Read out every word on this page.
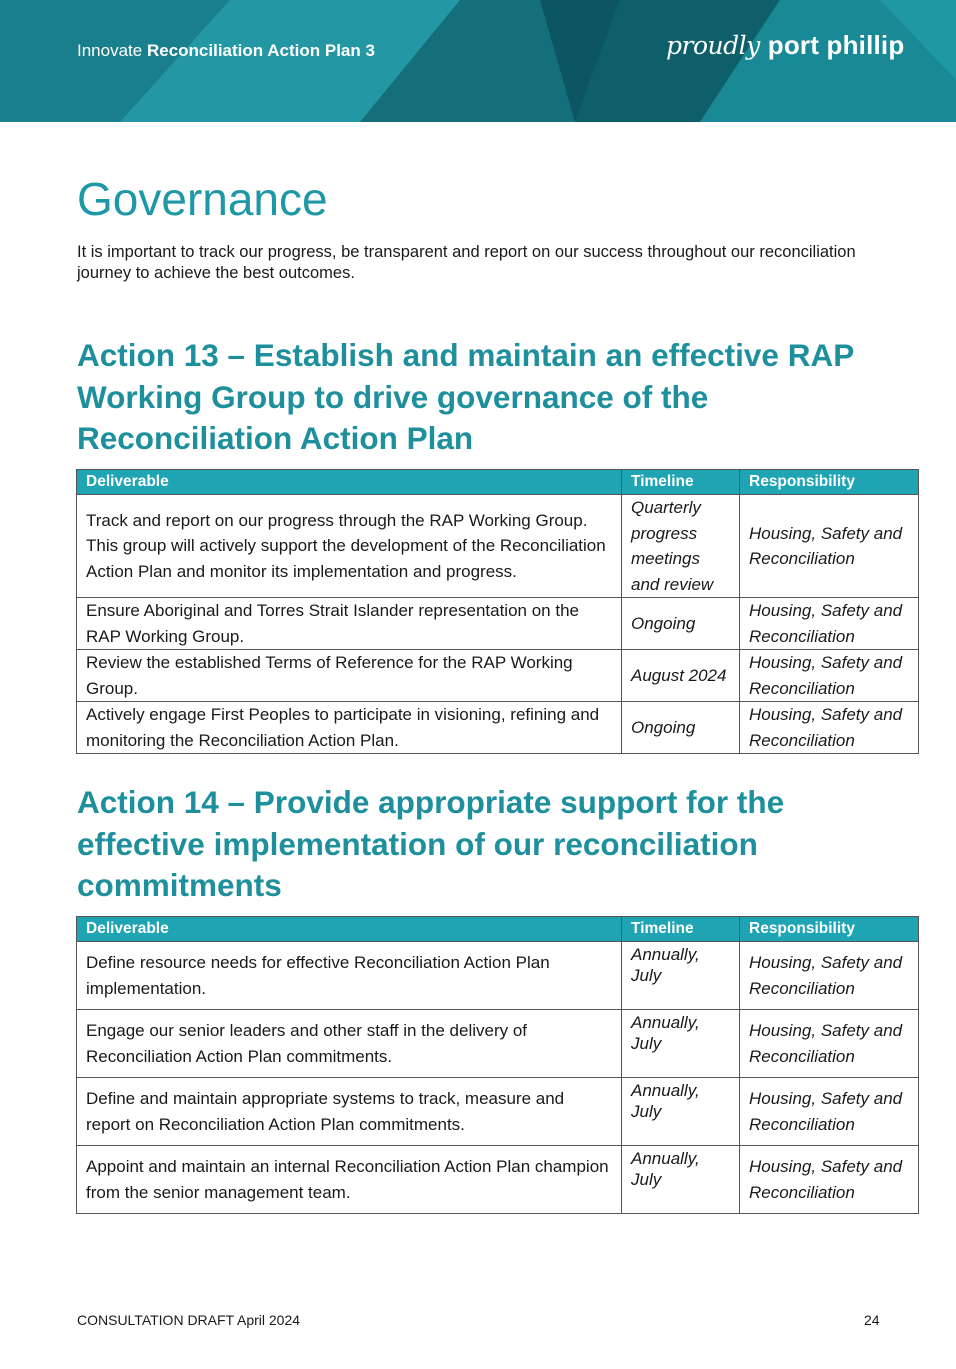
Innovate Reconciliation Action Plan 3	proudly port phillip
Governance

It is important to track our progress, be transparent and report on our success throughout our reconciliation journey to achieve the best outcomes.

Action 13 – Establish and maintain an effective RAP Working Group to drive governance of the Reconciliation Action Plan
Deliverable	Timeline	Responsibility
Track and report on our progress through the RAP Working Group. This group will actively support the development of the Reconciliation Action Plan and monitor its implementation and progress.	Quarterly progress meetings and review	Housing, Safety and Reconciliation
Ensure Aboriginal and Torres Strait Islander representation on the RAP Working Group.	Ongoing	Housing, Safety and Reconciliation
Review the established Terms of Reference for the RAP Working Group.	August 2024	Housing, Safety and Reconciliation
Actively engage First Peoples to participate in visioning, refining and monitoring the Reconciliation Action Plan.	Ongoing	Housing, Safety and Reconciliation
Action 14 – Provide appropriate support for the effective implementation of our reconciliation commitments
Deliverable	Timeline	Responsibility
Define resource needs for effective Reconciliation Action Plan implementation.	Annually, July	Housing, Safety and Reconciliation
Engage our senior leaders and other staff in the delivery of Reconciliation Action Plan commitments.	Annually, July	Housing, Safety and Reconciliation
Define and maintain appropriate systems to track, measure and report on Reconciliation Action Plan commitments.	Annually, July	Housing, Safety and Reconciliation
Appoint and maintain an internal Reconciliation Action Plan champion from the senior management team.	Annually, July	Housing, Safety and Reconciliation
CONSULTATION DRAFT April 2024	24
